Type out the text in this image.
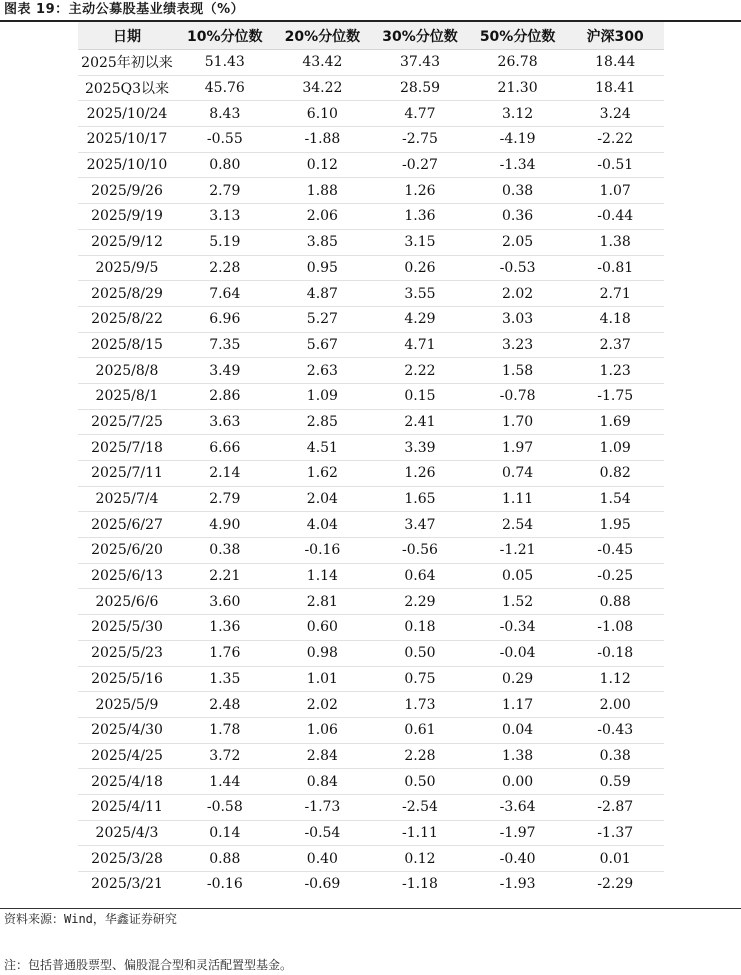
图表 19：主动公募股基业绩表现（%）
日期	10%分位数	20%分位数	30%分位数	50%分位数	沪深300
2025年初以来	51.43	43.42	37.43	26.78	18.44
2025Q3以来	45.76	34.22	28.59	21.30	18.41
2025/10/24	8.43	6.10	4.77	3.12	3.24
2025/10/17	-0.55	-1.88	-2.75	-4.19	-2.22
2025/10/10	0.80	0.12	-0.27	-1.34	-0.51
2025/9/26	2.79	1.88	1.26	0.38	1.07
2025/9/19	3.13	2.06	1.36	0.36	-0.44
2025/9/12	5.19	3.85	3.15	2.05	1.38
2025/9/5	2.28	0.95	0.26	-0.53	-0.81
2025/8/29	7.64	4.87	3.55	2.02	2.71
2025/8/22	6.96	5.27	4.29	3.03	4.18
2025/8/15	7.35	5.67	4.71	3.23	2.37
2025/8/8	3.49	2.63	2.22	1.58	1.23
2025/8/1	2.86	1.09	0.15	-0.78	-1.75
2025/7/25	3.63	2.85	2.41	1.70	1.69
2025/7/18	6.66	4.51	3.39	1.97	1.09
2025/7/11	2.14	1.62	1.26	0.74	0.82
2025/7/4	2.79	2.04	1.65	1.11	1.54
2025/6/27	4.90	4.04	3.47	2.54	1.95
2025/6/20	0.38	-0.16	-0.56	-1.21	-0.45
2025/6/13	2.21	1.14	0.64	0.05	-0.25
2025/6/6	3.60	2.81	2.29	1.52	0.88
2025/5/30	1.36	0.60	0.18	-0.34	-1.08
2025/5/23	1.76	0.98	0.50	-0.04	-0.18
2025/5/16	1.35	1.01	0.75	0.29	1.12
2025/5/9	2.48	2.02	1.73	1.17	2.00
2025/4/30	1.78	1.06	0.61	0.04	-0.43
2025/4/25	3.72	2.84	2.28	1.38	0.38
2025/4/18	1.44	0.84	0.50	0.00	0.59
2025/4/11	-0.58	-1.73	-2.54	-3.64	-2.87
2025/4/3	0.14	-0.54	-1.11	-1.97	-1.37
2025/3/28	0.88	0.40	0.12	-0.40	0.01
2025/3/21	-0.16	-0.69	-1.18	-1.93	-2.29
资料来源：Wind，华鑫证券研究
注：包括普通股票型、偏股混合型和灵活配置型基金。
